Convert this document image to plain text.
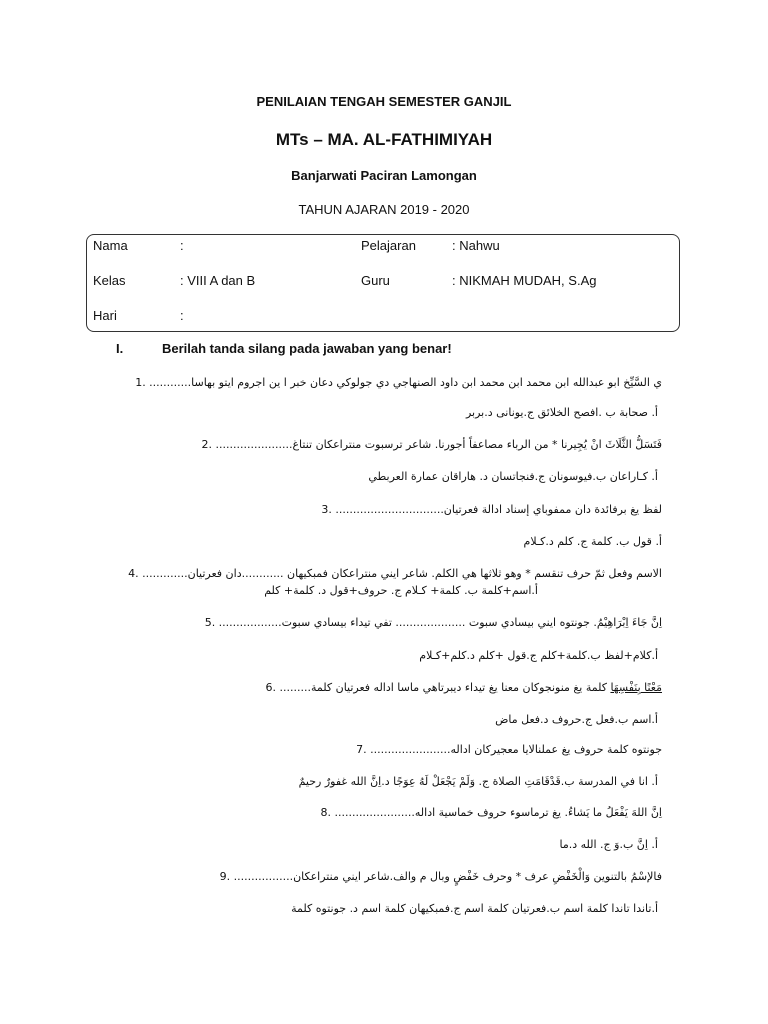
PENILAIAN TENGAH SEMESTER GANJIL
MTs – MA. AL-FATHIMIYAH
Banjarwati Paciran Lamongan
TAHUN AJARAN 2019 - 2020
Nama	:	Pelajaran	: Nahwu
Kelas	: VIII A dan B	Guru	: NIKMAH MUDAH, S.Ag
Hari	:
I.	Berilah tanda silang pada jawaban yang benar!
ي السَّيِّخ ابو عبدالله ابن محمد ابن محمد ابن داود الصنهاجي دي جولوكي دعان خبر ا ين اجروم ايتو بهاسا............ .1
أ. صحابة ب .افصح الخلائق ج.يونانى د.بربر
فَتَسَلُّ الثَّلَاثَ انْ يُجِيرنا * من الرباء مصاعفاً أجورنا. شاعر ترسبوت منتراعكان تنتاغ...................... .2
أ. كـاراعان ب.فيوسونان ج.فنجاتسان د. هاراقان عمارة العربطي
لفظ يغ برفائدة دان ممفوباي إسناد ادالة فعرتيان............................... .3
أ. قول ب. كلمة ج. كلم د.كـلام
الاسم وفعل ثمّ حرف تنقسم * وهو ثلاثها هي الكلم. شاعر ايني منتراعكان فمبكيهان ............دان فعرتيان............. .4
أ.اسم+كلمة ب. كلمة+ كـلام ج. حروف+قول د. كلمة+ كلم
اِنَّ جَاءَ اِبْرَاهِيْمُ. جونتوه ايني بيسادي سبوت .................... تفي تيداء بيسادي سبوت.................. .5
أ.كلام+لفظ ب.كلمة+كلم ج.قول +كلم د.كلم+كـلام
مَعْنًا بِنَفْسِهَا كلمة يغ منونجوكان معنا يغ تيداء ديبرتاهي ماسا اداله فعرتيان كلمة......... .6
أ.اسم ب.فعل ج.حروف د.فعل ماض
جونتوه كلمة حروف يغ عملنالايا معجيركان اداله....................... .7
أ. انا في المدرسة ب.قَدْقَامَتِ الصلاة ج. وَلَمْ يَجْعَلْ لَهُ عِوَجًا د.اِنَّ الله غفورٌ رحيمٌ
اِنَّ اللهَ يَفْعَلُ ما يَشاءُ. يغ ترماسوء حروف خماسية اداله....................... .8
أ. اِنَّ ب.وَ ج. الله د.ما
فالإسْمُ بالتنوين وَالْخَفْضِ عرف * وحرف خَفْضٍ وبال م والف.شاعر ايني منتراعكان................. .9
أ.تاندا تاندا كلمة اسم ب.فعرتيان كلمة اسم ج.فمبكيهان كلمة اسم د. جونتوه كلمة
